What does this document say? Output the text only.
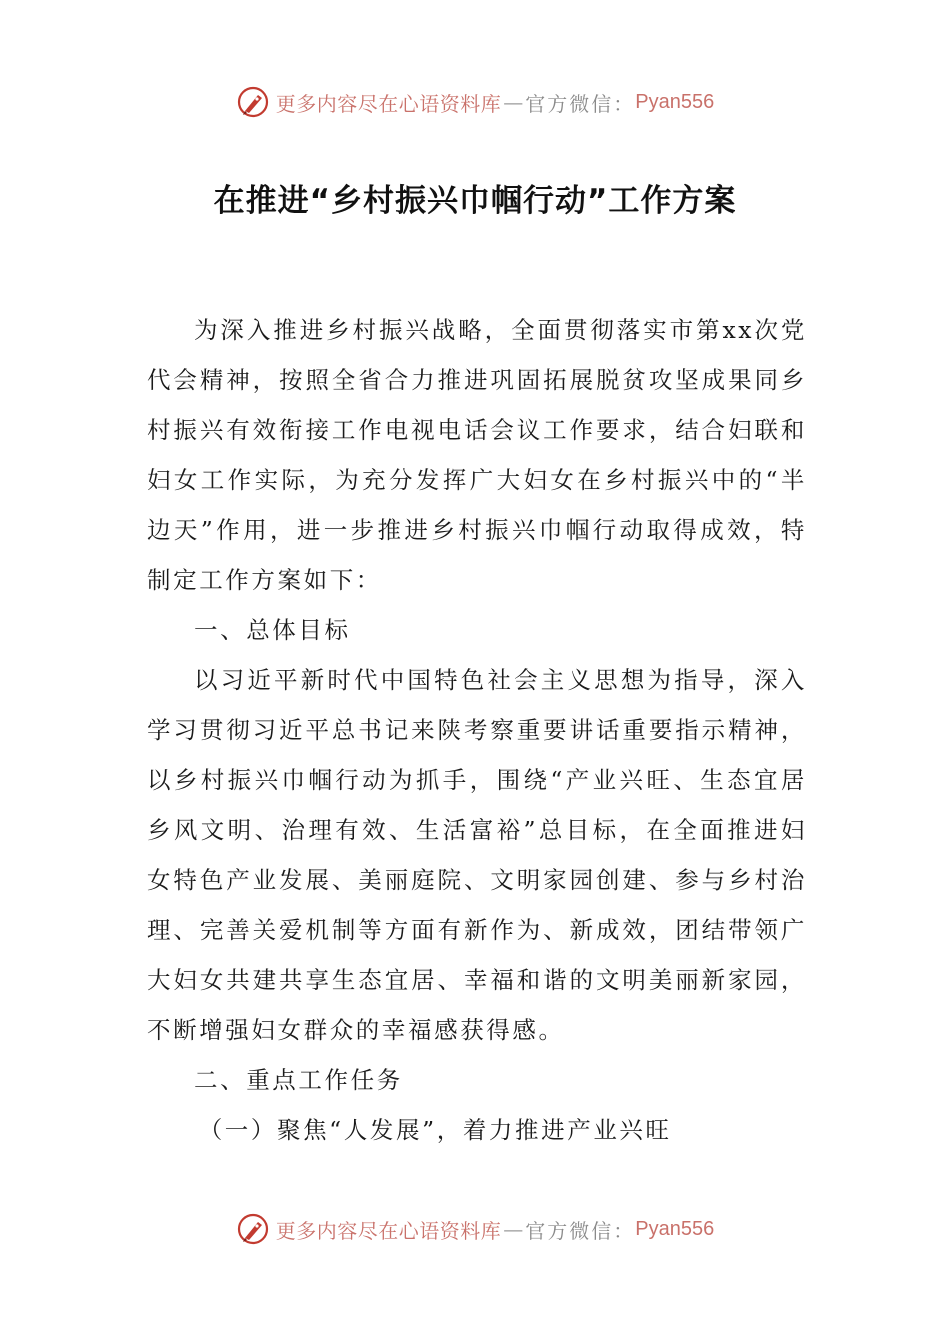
更多内容尽在心语资料库 — 官方微信： Pyan556
在推进“乡村振兴巾帼行动”工作方案

为深入推进乡村振兴战略，全面贯彻落实市第xx次党代会精神，按照全省合力推进巩固拓展脱贫攻坚成果同乡村振兴有效衔接工作电视电话会议工作要求，结合妇联和妇女工作实际，为充分发挥广大妇女在乡村振兴中的“半边天”作用，进一步推进乡村振兴巾帼行动取得成效，特制定工作方案如下：

一、总体目标

以习近平新时代中国特色社会主义思想为指导，深入学习贯彻习近平总书记来陕考察重要讲话重要指示精神，以乡村振兴巾帼行动为抓手，围绕“产业兴旺、生态宜居乡风文明、治理有效、生活富裕”总目标，在全面推进妇女特色产业发展、美丽庭院、文明家园创建、参与乡村治理、完善关爱机制等方面有新作为、新成效，团结带领广大妇女共建共享生态宜居、幸福和谐的文明美丽新家园，不断增强妇女群众的幸福感获得感。

二、重点工作任务

（一）聚焦“人发展”，着力推进产业兴旺

更多内容尽在心语资料库 — 官方微信： Pyan556
